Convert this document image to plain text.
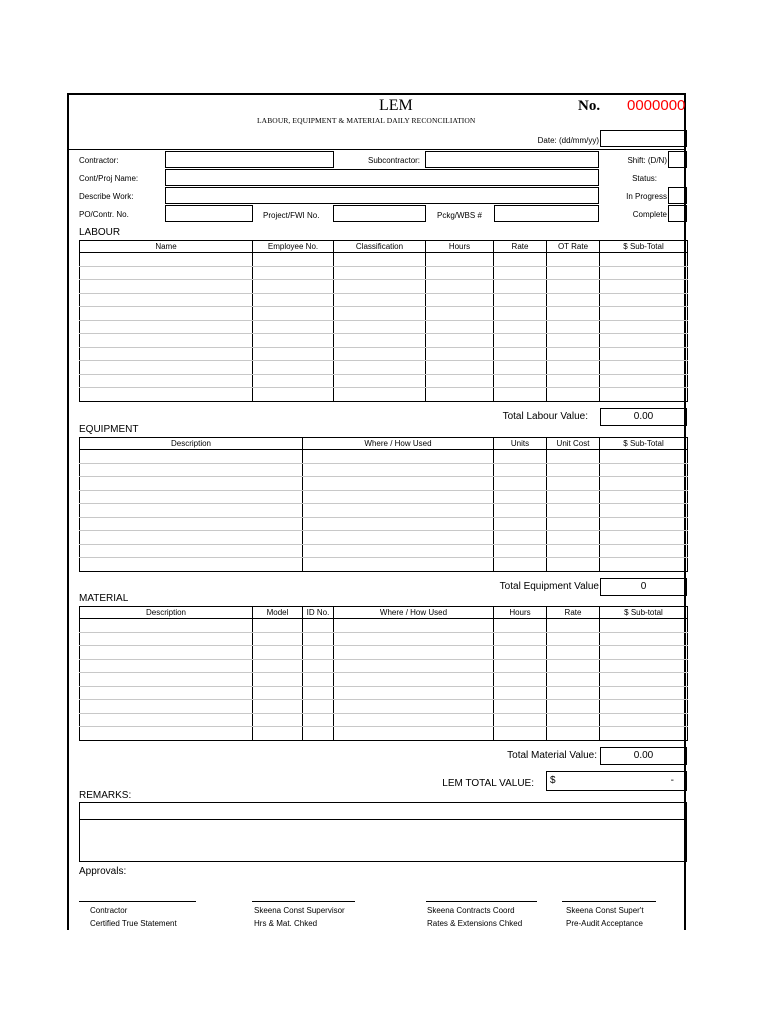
LEM
LABOUR, EQUIPMENT & MATERIAL DAILY RECONCILIATION
No. 0000000
Date: (dd/mm/yy)
Contractor:	Subcontractor:	Shift: (D/N)
Cont/Proj Name:	Status:
Describe Work:	In Progress
PO/Contr. No.	Project/FWI No.	Pckg/WBS #	Complete
LABOUR
Name	Employee No.	Classification	Hours	Rate	OT Rate	$ Sub-Total

Total Labour Value:	0.00
EQUIPMENT
Description	Where / How Used	Units	Unit Cost	$ Sub-Total

Total Equipment Value	0
MATERIAL
Description	Model	ID No.	Where / How Used	Hours	Rate	$ Sub-total

Total Material Value:	0.00
LEM TOTAL VALUE: $	-
REMARKS:
Approvals:
Contractor
Certified True Statement
Skeena Const Supervisor
Hrs & Mat. Chked
Skeena Contracts Coord
Rates & Extensions Chked
Skeena Const Super't
Pre-Audit Acceptance
